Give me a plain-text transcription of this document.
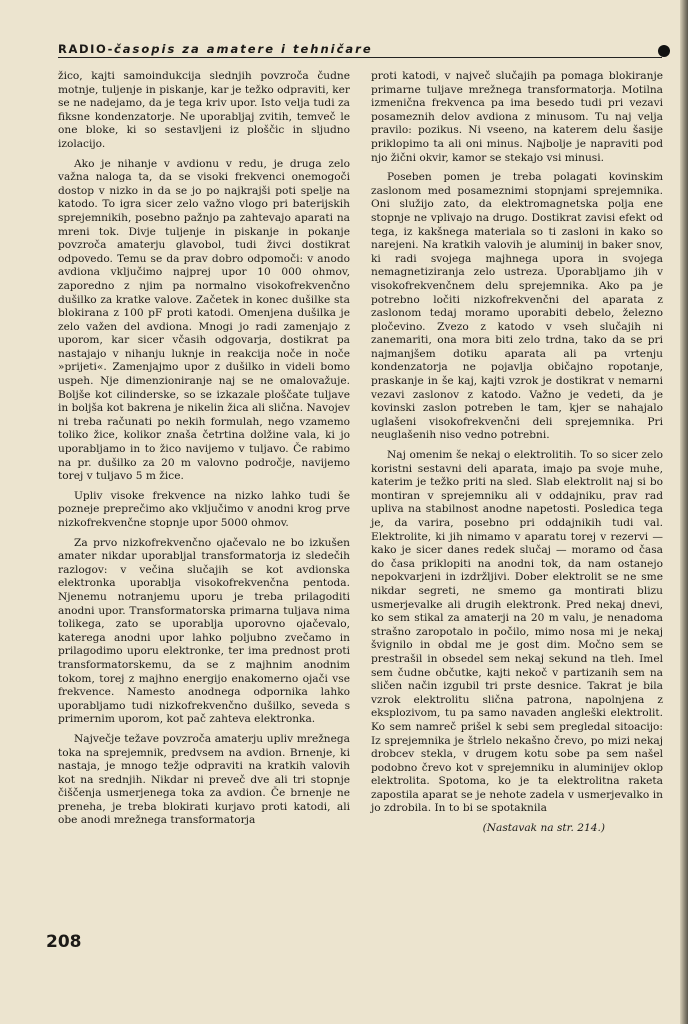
RADIO-časopis za amatere i tehničare

žico, kajti samoindukcija slednjih povzroča čudne motnje, tuljenje in piskanje, kar je težko odpraviti, ker se ne nadejamo, da je tega kriv upor. Isto velja tudi za fiksne kondenzatorje. Ne uporabljaj zvitih, temveč le one bloke, ki so sestavljeni iz ploščic in sljudno izolacijo.

Ako je nihanje v avdionu v redu, je druga zelo važna naloga ta, da se visoki frekvenci onemogoči dostop v nizko in da se jo po najkrajši poti spelje na katodo. To igra sicer zelo važno vlogo pri baterijskih sprejemnikih, posebno pažnjo pa zahtevajo aparati na mreni tok. Divje tuljenje in piskanje in pokanje povzroča amaterju glavobol, tudi živci dostikrat odpovedo. Temu se da prav dobro odpomoči: v anodo avdiona vključimo najprej upor 10 000 ohmov, zaporedno z njim pa normalno visokofrekvenčno dušilko za kratke valove. Začetek in konec dušilke sta blokirana z 100 pF proti katodi. Omenjena dušilka je zelo važen del avdiona. Mnogi jo radi zamenjajo z uporom, kar sicer včasih odgovarja, dostikrat pa nastajajo v nihanju luknje in reakcija noče in noče »prijeti«. Zamenjajmo upor z dušilko in videli bomo uspeh. Nje dimenzioniranje naj se ne omalovažuje. Boljše kot cilinderske, so se izkazale ploščate tuljave in boljša kot bakrena je nikelin žica ali slična. Navojev ni treba računati po nekih formulah, nego vzamemo toliko žice, kolikor znaša četrtina dolžine vala, ki jo uporabljamo in to žico navijemo v tuljavo. Če rabimo na pr. dušilko za 20 m valovno področje, navijemo torej v tuljavo 5 m žice.

Upliv visoke frekvence na nizko lahko tudi še pozneje preprečimo ako vključimo v anodni krog prve nizkofrekvenčne stopnje upor 5000 ohmov.

Za prvo nizkofrekvenčno ojačevalo ne bo izkušen amater nikdar uporabljal transformatorja iz sledečih razlogov: v večina slučajih se kot avdionska elektronka uporablja visokofrekvenčna pentoda. Njenemu notranjemu uporu je treba prilagoditi anodni upor. Transformatorska primarna tuljava nima tolikega, zato se uporablja uporovno ojačevalo, katerega anodni upor lahko poljubno zvečamo in prilagodimo uporu elektronke, ter ima prednost proti transformatorskemu, da se z majhnim anodnim tokom, torej z majhno energijo enakomerno ojači vse frekvence. Namesto anodnega odpornika lahko uporabljamo tudi nizkofrekvenčno dušilko, seveda s primernim uporom, kot pač zahteva elektronka.

Največje težave povzroča amaterju upliv mrežnega toka na sprejemnik, predvsem na avdion. Brnenje, ki nastaja, je mnogo težje odpraviti na kratkih valovih kot na srednjih. Nikdar ni preveč dve ali tri stopnje čiščenja usmerjenega toka za avdion. Če brnenje ne preneha, je treba blokirati kurjavo proti katodi, ali obe anodi mrežnega transformatorja

proti katodi, v največ slučajih pa pomaga blokiranje primarne tuljave mrežnega transformatorja. Motilna izmenična frekvenca pa ima besedo tudi pri vezavi posameznih delov avdiona z minusom. Tu naj velja pravilo: pozikus. Ni vseeno, na katerem delu šasije priklopimo ta ali oni minus. Najbolje je napraviti pod njo žični okvir, kamor se stekajo vsi minusi.

Poseben pomen je treba polagati kovinskim zaslonom med posameznimi stopnjami sprejemnika. Oni služijo zato, da elektromagnetska polja ene stopnje ne vplivajo na drugo. Dostikrat zavisi efekt od tega, iz kakšnega materiala so ti zasloni in kako so narejeni. Na kratkih valovih je aluminij in baker snov, ki radi svojega majhnega upora in svojega nemagnetiziranja zelo ustreza. Uporabljamo jih v visokofrekvenčnem delu sprejemnika. Ako pa je potrebno ločiti nizkofrekvenčni del aparata z zaslonom tedaj moramo uporabiti debelo, železno pločevino. Zvezo z katodo v vseh slučajih ni zanemariti, ona mora biti zelo trdna, tako da se pri najmanjšem dotiku aparata ali pa vrtenju kondenzatorja ne pojavlja običajno ropotanje, praskanje in še kaj, kajti vzrok je dostikrat v nemarni vezavi zaslonov z katodo. Važno je vedeti, da je kovinski zaslon potreben le tam, kjer se nahajalo uglašeni visokofrekvenčni deli sprejemnika. Pri neuglašenih niso vedno potrebni.

Naj omenim še nekaj o elektrolitih. To so sicer zelo koristni sestavni deli aparata, imajo pa svoje muhe, katerim je težko priti na sled. Slab elektrolit naj si bo montiran v sprejemniku ali v oddajniku, prav rad upliva na stabilnost anodne napetosti. Posledica tega je, da varira, posebno pri oddajnikih tudi val. Elektrolite, ki jih nimamo v aparatu torej v rezervi — kako je sicer danes redek slučaj — moramo od časa do časa priklopiti na anodni tok, da nam ostanejo nepokvarjeni in izdržljivi. Dober elektrolit se ne sme nikdar segreti, ne smemo ga montirati blizu usmerjevalke ali drugih elektronk. Pred nekaj dnevi, ko sem stikal za amaterji na 20 m valu, je nenadoma strašno zaropotalo in počilo, mimo nosa mi je nekaj švignilo in obdal me je gost dim. Močno sem se prestrašil in obsedel sem nekaj sekund na tleh. Imel sem čudne občutke, kajti nekoč v partizanih sem na sličen način izgubil tri prste desnice. Takrat je bila vzrok elektrolitu slična patrona, napolnjena z eksplozivom, tu pa samo navaden angleški elektrolit. Ko sem namreč prišel k sebi sem pregledal sitoacijo: Iz sprejemnika je štrlelo nekašno črevo, po mizi nekaj drobcev stekla, v drugem kotu sobe pa sem našel podobno črevo kot v sprejemniku in aluminijev oklop elektrolita. Spotoma, ko je ta elektrolitna raketa zapostila aparat se je nehote zadela v usmerjevalko in jo zdrobila. In to bi se spotaknila

(Nastavak na str. 214.)
208
